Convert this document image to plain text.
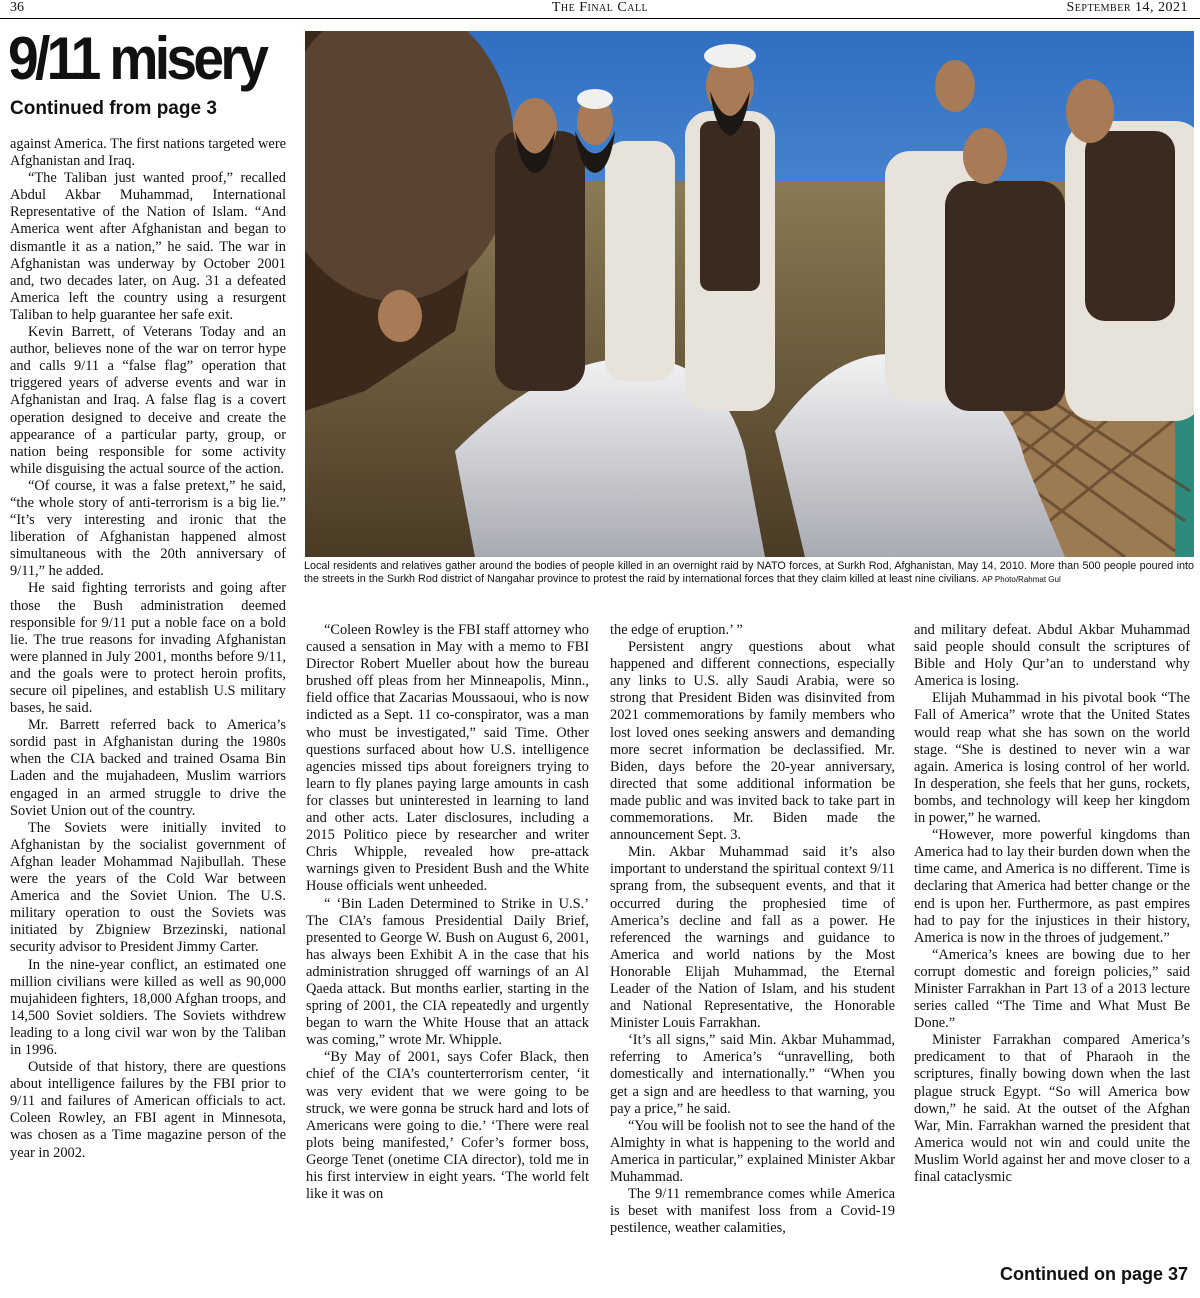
36	The Final Call	September 14, 2021
9/11 misery
Continued from page 3
Local residents and relatives gather around the bodies of people killed in an overnight raid by NATO forces, at Surkh Rod, Afghanistan, May 14, 2010. More than 500 people poured into the streets in the Surkh Rod district of Nangahar province to protest the raid by international forces that they claim killed at least nine civilians. AP Photo/Rahmat Gul

against America. The first nations targeted were Afghanistan and Iraq.

“The Taliban just wanted proof,” recalled Abdul Akbar Muhammad, International Representative of the Nation of Islam. “And America went after Afghanistan and began to dismantle it as a nation,” he said. The war in Afghanistan was underway by October 2001 and, two decades later, on Aug. 31 a defeated America left the country using a resurgent Taliban to help guarantee her safe exit.

Kevin Barrett, of Veterans Today and an author, believes none of the war on terror hype and calls 9/11 a “false flag” operation that triggered years of adverse events and war in Afghanistan and Iraq. A false flag is a covert operation designed to deceive and create the appearance of a particular party, group, or nation being responsible for some activity while disguising the actual source of the action.

“Of course, it was a false pretext,” he said, “the whole story of anti-terrorism is a big lie.” “It’s very interesting and ironic that the liberation of Afghanistan happened almost simultaneous with the 20th anniversary of 9/11,” he added.

He said fighting terrorists and going after those the Bush administration deemed responsible for 9/11 put a noble face on a bold lie. The true reasons for invading Afghanistan were planned in July 2001, months before 9/11, and the goals were to protect heroin profits, secure oil pipelines, and establish U.S military bases, he said.

Mr. Barrett referred back to America’s sordid past in Afghanistan during the 1980s when the CIA backed and trained Osama Bin Laden and the mujahadeen, Muslim warriors engaged in an armed struggle to drive the Soviet Union out of the country.

The Soviets were initially invited to Afghanistan by the socialist government of Afghan leader Mohammad Najibullah. These were the years of the Cold War between America and the Soviet Union. The U.S. military operation to oust the Soviets was initiated by Zbigniew Brzezinski, national security advisor to President Jimmy Carter.

In the nine-year conflict, an estimated one million civilians were killed as well as 90,000 mujahideen fighters, 18,000 Afghan troops, and 14,500 Soviet soldiers. The Soviets withdrew leading to a long civil war won by the Taliban in 1996.

Outside of that history, there are questions about intelligence failures by the FBI prior to 9/11 and failures of American officials to act. Coleen Rowley, an FBI agent in Minnesota, was chosen as a Time magazine person of the year in 2002.

“Coleen Rowley is the FBI staff attorney who caused a sensation in May with a memo to FBI Director Robert Mueller about how the bureau brushed off pleas from her Minneapolis, Minn., field office that Zacarias Moussaoui, who is now indicted as a Sept. 11 co-conspirator, was a man who must be investigated,” said Time. Other questions surfaced about how U.S. intelligence agencies missed tips about foreigners trying to learn to fly planes paying large amounts in cash for classes but uninterested in learning to land and other acts. Later disclosures, including a 2015 Politico piece by researcher and writer Chris Whipple, revealed how pre-attack warnings given to President Bush and the White House officials went unheeded.

“ ‘Bin Laden Determined to Strike in U.S.’ The CIA’s famous Presidential Daily Brief, presented to George W. Bush on August 6, 2001, has always been Exhibit A in the case that his administration shrugged off warnings of an Al Qaeda attack. But months earlier, starting in the spring of 2001, the CIA repeatedly and urgently began to warn the White House that an attack was coming,” wrote Mr. Whipple.

“By May of 2001, says Cofer Black, then chief of the CIA’s counterterrorism center, ‘it was very evident that we were going to be struck, we were gonna be struck hard and lots of Americans were going to die.’ ‘There were real plots being manifested,’ Cofer’s former boss, George Tenet (onetime CIA director), told me in his first interview in eight years. ‘The world felt like it was on

the edge of eruption.’ ”

Persistent angry questions about what happened and different connections, especially any links to U.S. ally Saudi Arabia, were so strong that President Biden was disinvited from 2021 commemorations by family members who lost loved ones seeking answers and demanding more secret information be declassified. Mr. Biden, days before the 20-year anniversary, directed that some additional information be made public and was invited back to take part in commemorations. Mr. Biden made the announcement Sept. 3.

Min. Akbar Muhammad said it’s also important to understand the spiritual context 9/11 sprang from, the subsequent events, and that it occurred during the prophesied time of America’s decline and fall as a power. He referenced the warnings and guidance to America and world nations by the Most Honorable Elijah Muhammad, the Eternal Leader of the Nation of Islam, and his student and National Representative, the Honorable Minister Louis Farrakhan.

‘It’s all signs,” said Min. Akbar Muhammad, referring to America’s “unravelling, both domestically and internationally.” “When you get a sign and are heedless to that warning, you pay a price,” he said.

“You will be foolish not to see the hand of the Almighty in what is happening to the world and America in particular,” explained Minister Akbar Muhammad.

The 9/11 remembrance comes while America is beset with manifest loss from a Covid-19 pestilence, weather calamities,

and military defeat. Abdul Akbar Muhammad said people should consult the scriptures of Bible and Holy Qur’an to understand why America is losing.

Elijah Muhammad in his pivotal book “The Fall of America” wrote that the United States would reap what she has sown on the world stage. “She is destined to never win a war again. America is losing control of her world. In desperation, she feels that her guns, rockets, bombs, and technology will keep her kingdom in power,” he warned.

“However, more powerful kingdoms than America had to lay their burden down when the time came, and America is no different. Time is declaring that America had better change or the end is upon her. Furthermore, as past empires had to pay for the injustices in their history, America is now in the throes of judgement.”

“America’s knees are bowing due to her corrupt domestic and foreign policies,” said Minister Farrakhan in Part 13 of a 2013 lecture series called “The Time and What Must Be Done.”

Minister Farrakhan compared America’s predicament to that of Pharaoh in the scriptures, finally bowing down when the last plague struck Egypt. “So will America bow down,” he said. At the outset of the Afghan War, Min. Farrakhan warned the president that America would not win and could unite the Muslim World against her and move closer to a final cataclysmic

Continued on page 37
